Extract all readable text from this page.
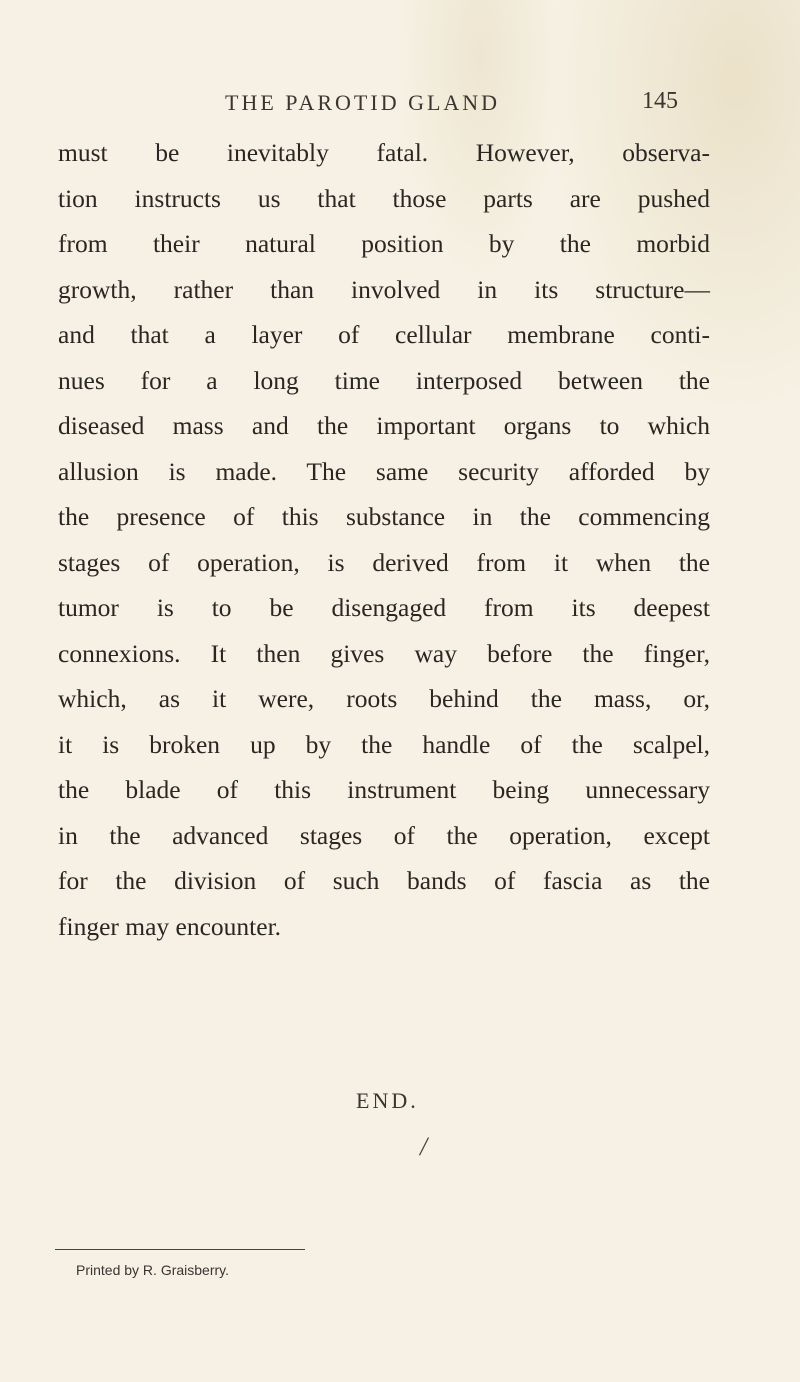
THE PAROTID GLAND	145
must be inevitably fatal. However, observa-
tion instructs us that those parts are pushed
from their natural position by the morbid
growth, rather than involved in its structure—
and that a layer of cellular membrane conti-
nues for a long time interposed between the
diseased mass and the important organs to which
allusion is made. The same security afforded by
the presence of this substance in the commencing
stages of operation, is derived from it when the
tumor is to be disengaged from its deepest
connexions. It then gives way before the finger,
which, as it were, roots behind the mass, or,
it is broken up by the handle of the scalpel,
the blade of this instrument being unnecessary
in the advanced stages of the operation, except
for the division of such bands of fascia as the
finger may encounter.
END.
/
Printed by R. Graisberry.
